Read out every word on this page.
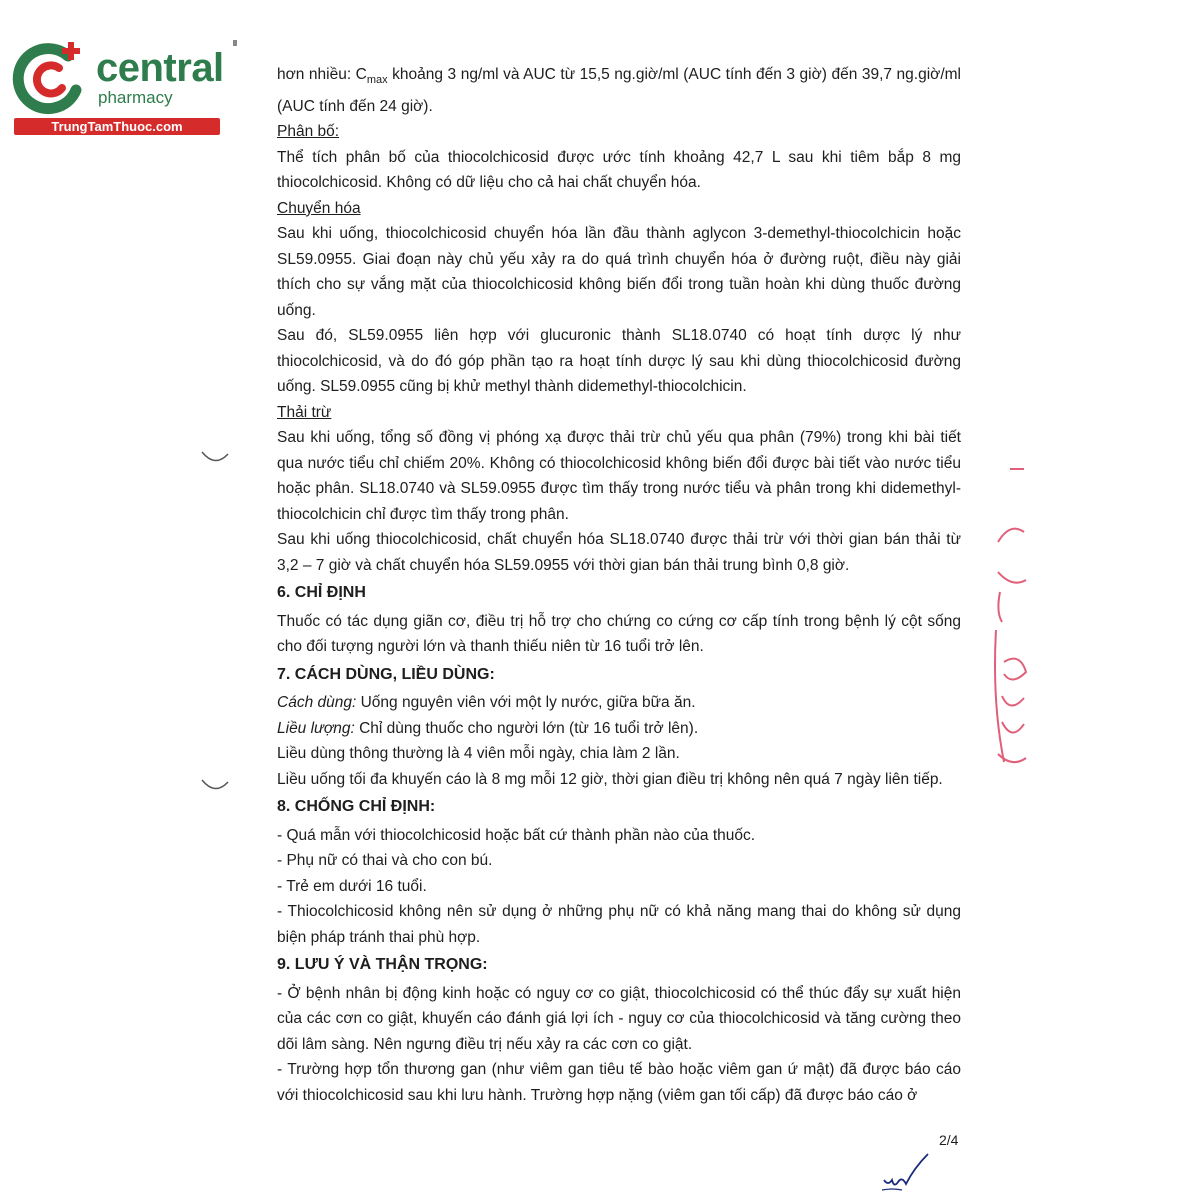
central
pharmacy
TrungTamThuoc.com

hơn nhiều: $C_{max}$ khoảng 3 ng/ml và AUC từ 15,5 ng.giờ/ml (AUC tính đến 3 giờ) đến 39,7 ng.giờ/ml (AUC tính đến 24 giờ).

Phân bố:

Thể tích phân bố của thiocolchicosid được ước tính khoảng 42,7 L sau khi tiêm bắp 8 mg thiocolchicosid. Không có dữ liệu cho cả hai chất chuyển hóa.

Chuyển hóa

Sau khi uống, thiocolchicosid chuyển hóa lần đầu thành aglycon 3-demethyl-thiocolchicin hoặc SL59.0955. Giai đoạn này chủ yếu xảy ra do quá trình chuyển hóa ở đường ruột, điều này giải thích cho sự vắng mặt của thiocolchicosid không biến đổi trong tuần hoàn khi dùng thuốc đường uống.

Sau đó, SL59.0955 liên hợp với glucuronic thành SL18.0740 có hoạt tính dược lý như thiocolchicosid, và do đó góp phần tạo ra hoạt tính dược lý sau khi dùng thiocolchicosid đường uống. SL59.0955 cũng bị khử methyl thành didemethyl-thiocolchicin.

Thải trừ

Sau khi uống, tổng số đồng vị phóng xạ được thải trừ chủ yếu qua phân (79%) trong khi bài tiết qua nước tiểu chỉ chiếm 20%. Không có thiocolchicosid không biến đổi được bài tiết vào nước tiểu hoặc phân. SL18.0740 và SL59.0955 được tìm thấy trong nước tiểu và phân trong khi didemethyl-thiocolchicin chỉ được tìm thấy trong phân.

Sau khi uống thiocolchicosid, chất chuyển hóa SL18.0740 được thải trừ với thời gian bán thải từ 3,2 – 7 giờ và chất chuyển hóa SL59.0955 với thời gian bán thải trung bình 0,8 giờ.

6. CHỈ ĐỊNH

Thuốc có tác dụng giãn cơ, điều trị hỗ trợ cho chứng co cứng cơ cấp tính trong bệnh lý cột sống cho đối tượng người lớn và thanh thiếu niên từ 16 tuổi trở lên.

7. CÁCH DÙNG, LIỀU DÙNG:

Cách dùng: Uống nguyên viên với một ly nước, giữa bữa ăn.

Liều lượng: Chỉ dùng thuốc cho người lớn (từ 16 tuổi trở lên).

Liều dùng thông thường là 4 viên mỗi ngày, chia làm 2 lần.

Liều uống tối đa khuyến cáo là 8 mg mỗi 12 giờ, thời gian điều trị không nên quá 7 ngày liên tiếp.

8. CHỐNG CHỈ ĐỊNH:

- Quá mẫn với thiocolchicosid hoặc bất cứ thành phần nào của thuốc.

- Phụ nữ có thai và cho con bú.

- Trẻ em dưới 16 tuổi.

- Thiocolchicosid không nên sử dụng ở những phụ nữ có khả năng mang thai do không sử dụng biện pháp tránh thai phù hợp.

9. LƯU Ý VÀ THẬN TRỌNG:

- Ở bệnh nhân bị động kinh hoặc có nguy cơ co giật, thiocolchicosid có thể thúc đẩy sự xuất hiện của các cơn co giật, khuyến cáo đánh giá lợi ích - nguy cơ của thiocolchicosid và tăng cường theo dõi lâm sàng. Nên ngưng điều trị nếu xảy ra các cơn co giật.

- Trường hợp tổn thương gan (như viêm gan tiêu tế bào hoặc viêm gan ứ mật) đã được báo cáo với thiocolchicosid sau khi lưu hành. Trường hợp nặng (viêm gan tối cấp) đã được báo cáo ở

2/4
